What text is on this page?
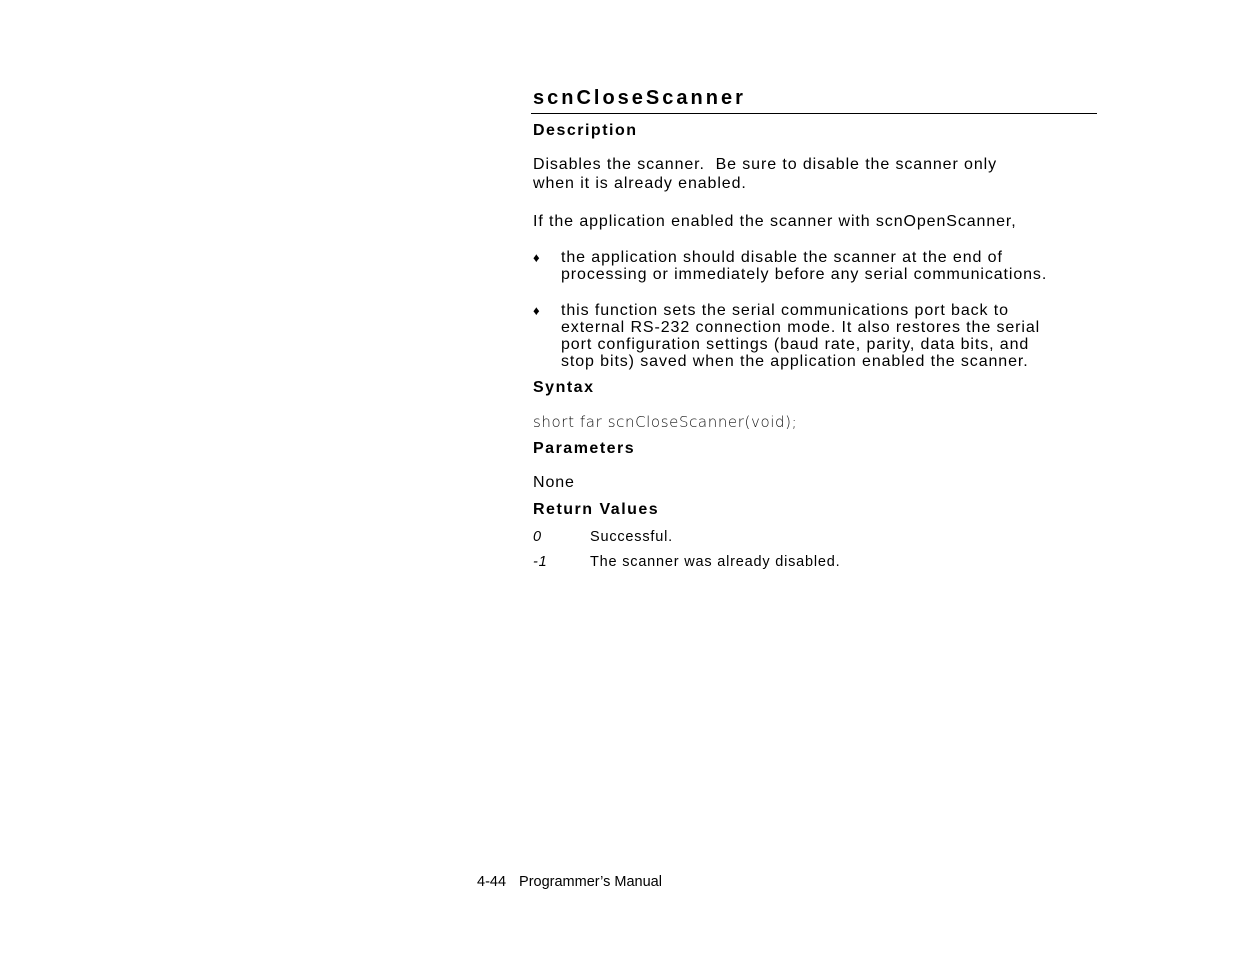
scnCloseScanner
Description

Disables the scanner.  Be sure to disable the scanner only
when it is already enabled.

If the application enabled the scanner with scnOpenScanner,

♦ the application should disable the scanner at the end of
processing or immediately before any serial communications.
♦ this function sets the serial communications port back to
external RS-232 connection mode. It also restores the serial
port configuration settings (baud rate, parity, data bits, and
stop bits) saved when the application enabled the scanner.
Syntax

short far scnCloseScanner(void);

Parameters

None

Return Values
0	Successful.
-1	The scanner was already disabled.
4-44 Programmer’s Manual
